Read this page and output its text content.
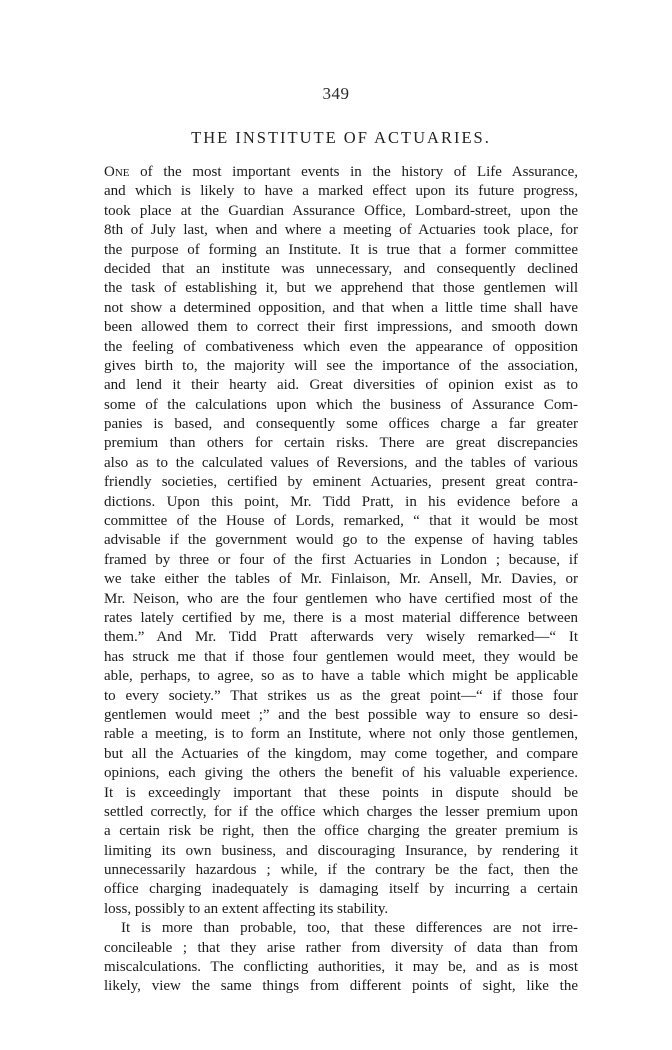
349
THE INSTITUTE OF ACTUARIES.
One of the most important events in the history of Life Assurance,
and which is likely to have a marked effect upon its future progress,
took place at the Guardian Assurance Office, Lombard-street, upon the
8th of July last, when and where a meeting of Actuaries took place, for
the purpose of forming an Institute. It is true that a former committee
decided that an institute was unnecessary, and consequently declined
the task of establishing it, but we apprehend that those gentlemen will
not show a determined opposition, and that when a little time shall have
been allowed them to correct their first impressions, and smooth down
the feeling of combativeness which even the appearance of opposition
gives birth to, the majority will see the importance of the association,
and lend it their hearty aid. Great diversities of opinion exist as to
some of the calculations upon which the business of Assurance Com-
panies is based, and consequently some offices charge a far greater
premium than others for certain risks. There are great discrepancies
also as to the calculated values of Reversions, and the tables of various
friendly societies, certified by eminent Actuaries, present great contra-
dictions. Upon this point, Mr. Tidd Pratt, in his evidence before a
committee of the House of Lords, remarked, “ that it would be most
advisable if the government would go to the expense of having tables
framed by three or four of the first Actuaries in London ; because, if
we take either the tables of Mr. Finlaison, Mr. Ansell, Mr. Davies, or
Mr. Neison, who are the four gentlemen who have certified most of the
rates lately certified by me, there is a most material difference between
them.” And Mr. Tidd Pratt afterwards very wisely remarked—“ It
has struck me that if those four gentlemen would meet, they would be
able, perhaps, to agree, so as to have a table which might be applicable
to every society.” That strikes us as the great point—“ if those four
gentlemen would meet ;” and the best possible way to ensure so desi-
rable a meeting, is to form an Institute, where not only those gentlemen,
but all the Actuaries of the kingdom, may come together, and compare
opinions, each giving the others the benefit of his valuable experience.
It is exceedingly important that these points in dispute should be
settled correctly, for if the office which charges the lesser premium upon
a certain risk be right, then the office charging the greater premium is
limiting its own business, and discouraging Insurance, by rendering it
unnecessarily hazardous ; while, if the contrary be the fact, then the
office charging inadequately is damaging itself by incurring a certain
loss, possibly to an extent affecting its stability.
It is more than probable, too, that these differences are not irre-
concileable ; that they arise rather from diversity of data than from
miscalculations. The conflicting authorities, it may be, and as is most
likely, view the same things from different points of sight, like the
